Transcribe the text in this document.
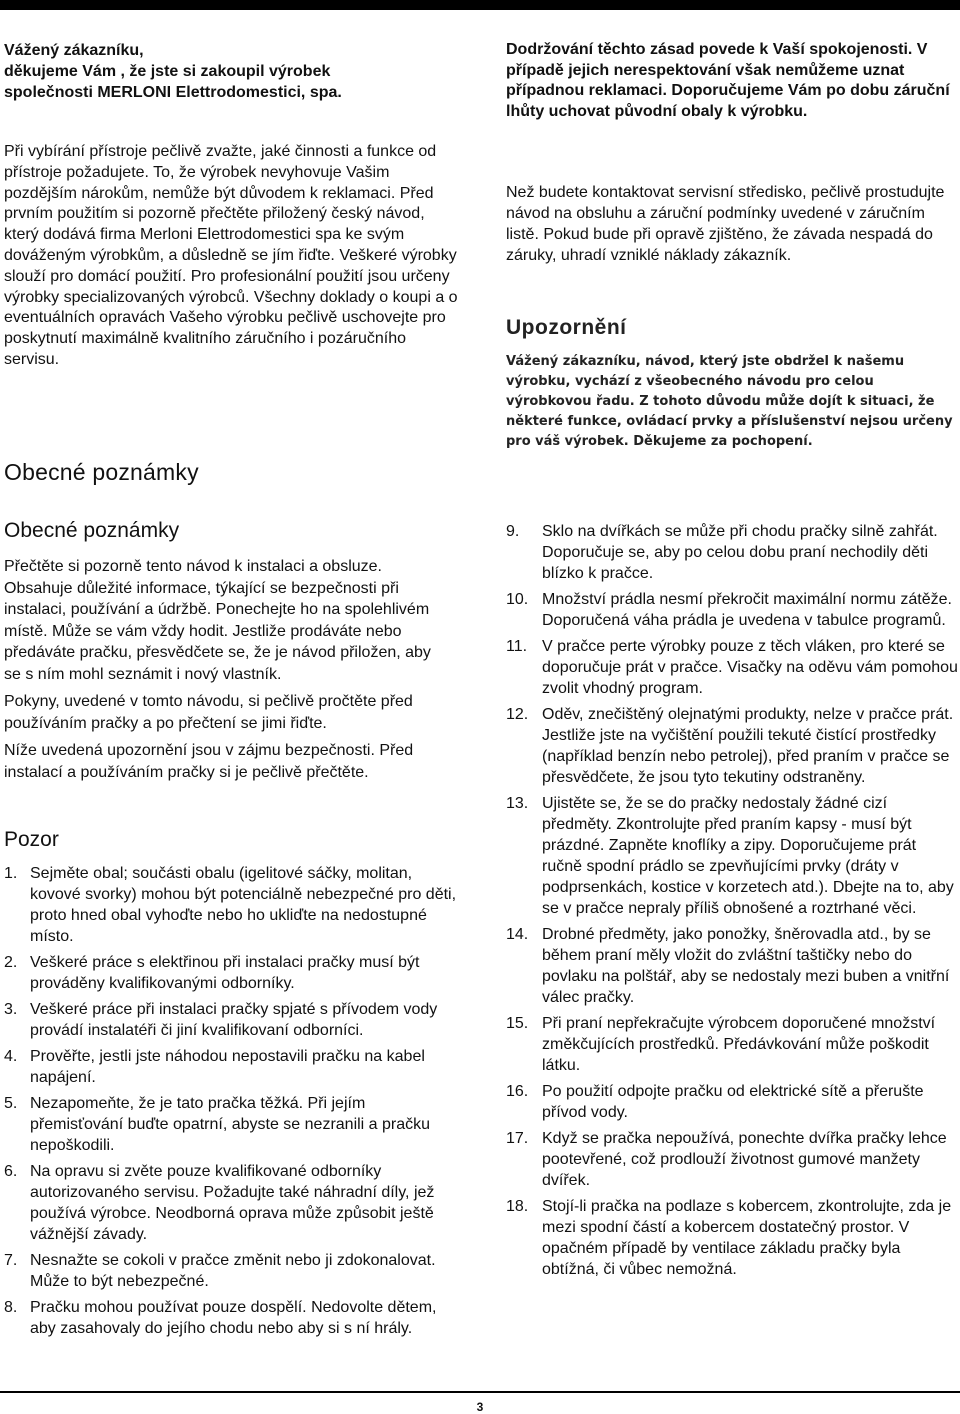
Vážený zákazníku,

děkujeme Vám , že jste si zakoupil výrobek

společnosti MERLONI Elettrodomestici, spa.

Při vybírání přístroje pečlivě zvažte, jaké činnosti a funkce od přístroje požadujete. To, že výrobek nevyhovuje Vašim pozdějším nárokům, nemůže být důvodem k reklamaci. Před prvním použitím si pozorně přečtěte přiložený český návod, který dodává firma Merloni Elettrodomestici spa ke svým dováženým výrobkům, a důsledně se jím řiďte. Veškeré výrobky slouží pro domácí použití. Pro profesionální použití jsou určeny výrobky specializovaných výrobců. Všechny doklady o koupi a o eventuálních opravách Vašeho výrobku pečlivě uschovejte pro poskytnutí maximálně kvalitního záručního i pozáručního servisu.

Dodržování těchto zásad povede k Vaší spokojenosti. V případě jejich nerespektování však nemůžeme uznat případnou reklamaci. Doporučujeme Vám po dobu záruční lhůty uchovat původní obaly k výrobku.

Než budete kontaktovat servisní středisko, pečlivě prostudujte návod na obsluhu a záruční podmínky uvedené v záručním listě. Pokud bude při opravě zjištěno, že závada nespadá do záruky, uhradí vzniklé náklady zákazník.

Upozornění

Vážený zákazníku, návod, který jste obdržel k našemu výrobku, vychází z všeobecného návodu pro celou výrobkovou řadu. Z tohoto důvodu může dojít k situaci, že některé funkce, ovládací prvky a příslušenství nejsou určeny pro váš výrobek. Děkujeme za pochopení.

Obecné poznámky
Obecné poznámky

Přečtěte si pozorně tento návod k instalaci a obsluze. Obsahuje důležité informace, týkající se bezpečnosti při instalaci, používání a údržbě. Ponechejte ho na spolehlivém místě. Může se vám vždy hodit. Jestliže prodáváte nebo předáváte pračku, přesvědčete se, že je návod přiložen, aby se s ním mohl seznámit i nový vlastník.

Pokyny, uvedené v tomto návodu, si pečlivě pročtěte před používáním pračky a po přečtení se jimi řiďte.

Níže uvedená upozornění jsou v zájmu bezpečnosti. Před instalací a používáním pračky si je pečlivě přečtěte.

Pozor
1. Sejměte obal; součásti obalu (igelitové sáčky, molitan, kovové svorky) mohou být potenciálně nebezpečné pro děti, proto hned obal vyhoďte nebo ho ukliďte na nedostupné místo.
2. Veškeré práce s elektřinou při instalaci pračky musí být prováděny kvalifikovanými odborníky.
3. Veškeré práce při instalaci pračky spjaté s přívodem vody provádí instalatéři či jiní kvalifikovaní odborníci.
4. Prověřte, jestli jste náhodou nepostavili pračku na kabel napájení.
5. Nezapomeňte, že je tato pračka těžká. Při jejím přemisťování buďte opatrní, abyste se nezranili a pračku nepoškodili.
6. Na opravu si zvěte pouze kvalifikované odborníky autorizovaného servisu. Požadujte také náhradní díly, jež používá výrobce. Neodborná oprava může způsobit ještě vážnější závady.
7. Nesnažte se cokoli v pračce změnit nebo ji zdokonalovat. Může to být nebezpečné.
8. Pračku mohou používat pouze dospělí. Nedovolte dětem, aby zasahovaly do jejího chodu nebo aby si s ní hrály.
9. Sklo na dvířkách se může při chodu pračky silně zahřát. Doporučuje se, aby po celou dobu praní nechodily děti blízko k pračce.
10. Množství prádla nesmí překročit maximální normu zátěže. Doporučená váha prádla je uvedena v tabulce programů.
11. V pračce perte výrobky pouze z těch vláken, pro které se doporučuje prát v pračce. Visačky na oděvu vám pomohou zvolit vhodný program.
12. Oděv, znečištěný olejnatými produkty, nelze v pračce prát. Jestliže jste na vyčištění použili tekuté čistící prostředky (například benzín nebo petrolej), před praním v pračce se přesvědčete, že jsou tyto tekutiny odstraněny.
13. Ujistěte se, že se do pračky nedostaly žádné cizí předměty. Zkontrolujte před praním kapsy - musí být prázdné. Zapněte knoflíky a zipy. Doporučujeme prát ručně spodní prádlo se zpevňujícími prvky (dráty v podprsenkách, kostice v korzetech atd.). Dbejte na to, aby se v pračce nepraly příliš obnošené a roztrhané věci.
14. Drobné předměty, jako ponožky, šněrovadla atd., by se během praní měly vložit do zvláštní taštičky nebo do povlaku na polštář, aby se nedostaly mezi buben a vnitřní válec pračky.
15. Při praní nepřekračujte výrobcem doporučené množství změkčujících prostředků. Předávkování může poškodit látku.
16. Po použití odpojte pračku od elektrické sítě a přerušte přívod vody.
17. Když se pračka nepoužívá, ponechte dvířka pračky lehce pootevřené, což prodlouží životnost gumové manžety dvířek.
18. Stojí-li pračka na podlaze s kobercem, zkontrolujte, zda je mezi spodní částí a kobercem dostatečný prostor. V opačném případě by ventilace základu pračky byla obtížná, či vůbec nemožná.
3
